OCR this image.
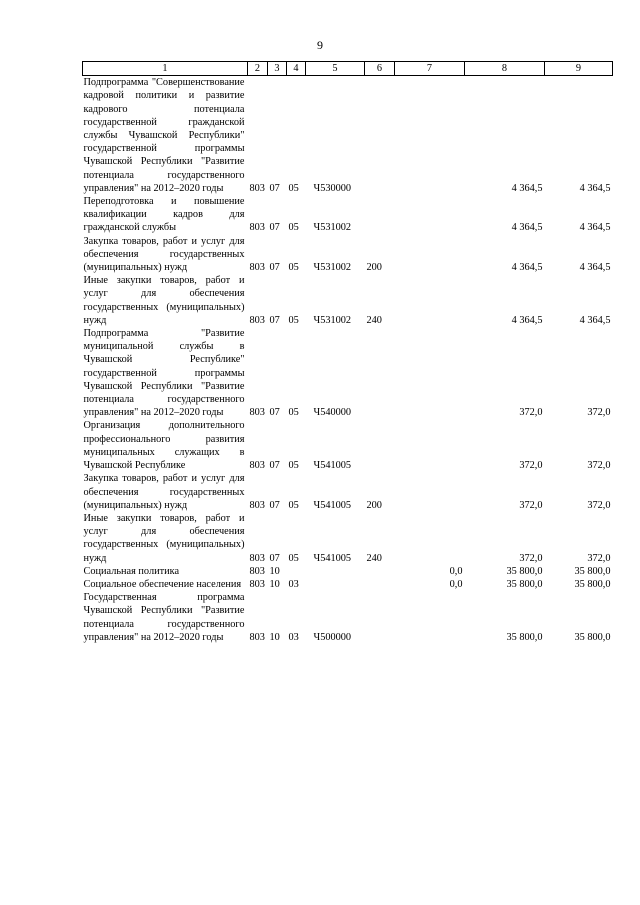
9
1	2	3	4	5	6	7	8	9
Подпрограмма "Совершенствование кадровой политики и развитие кадрового потенциала государственной гражданской службы Чувашской Республики" государственной программы Чувашской Республики "Развитие потенциала государственного управления" на 2012–2020 годы	803	07	05	Ч530000			4 364,5	4 364,5
Переподготовка и повышение квалификации кадров для гражданской службы	803	07	05	Ч531002			4 364,5	4 364,5
Закупка товаров, работ и услуг для обеспечения государственных (муниципальных) нужд	803	07	05	Ч531002	200		4 364,5	4 364,5
Иные закупки товаров, работ и услуг для обеспечения государственных (муниципальных) нужд	803	07	05	Ч531002	240		4 364,5	4 364,5
Подпрограмма "Развитие муниципальной службы в Чувашской Республике" государственной программы Чувашской Республики "Развитие потенциала государственного управления" на 2012–2020 годы	803	07	05	Ч540000			372,0	372,0
Организация дополнительного профессионального развития муниципальных служащих в Чувашской Республике	803	07	05	Ч541005			372,0	372,0
Закупка товаров, работ и услуг для обеспечения государственных (муниципальных) нужд	803	07	05	Ч541005	200		372,0	372,0
Иные закупки товаров, работ и услуг для обеспечения государственных (муниципальных) нужд	803	07	05	Ч541005	240		372,0	372,0
Социальная политика	803	10				0,0	35 800,0	35 800,0
Социальное обеспечение населения	803	10	03			0,0	35 800,0	35 800,0
Государственная программа Чувашской Республики "Развитие потенциала государственного управления" на 2012–2020 годы	803	10	03	Ч500000			35 800,0	35 800,0
